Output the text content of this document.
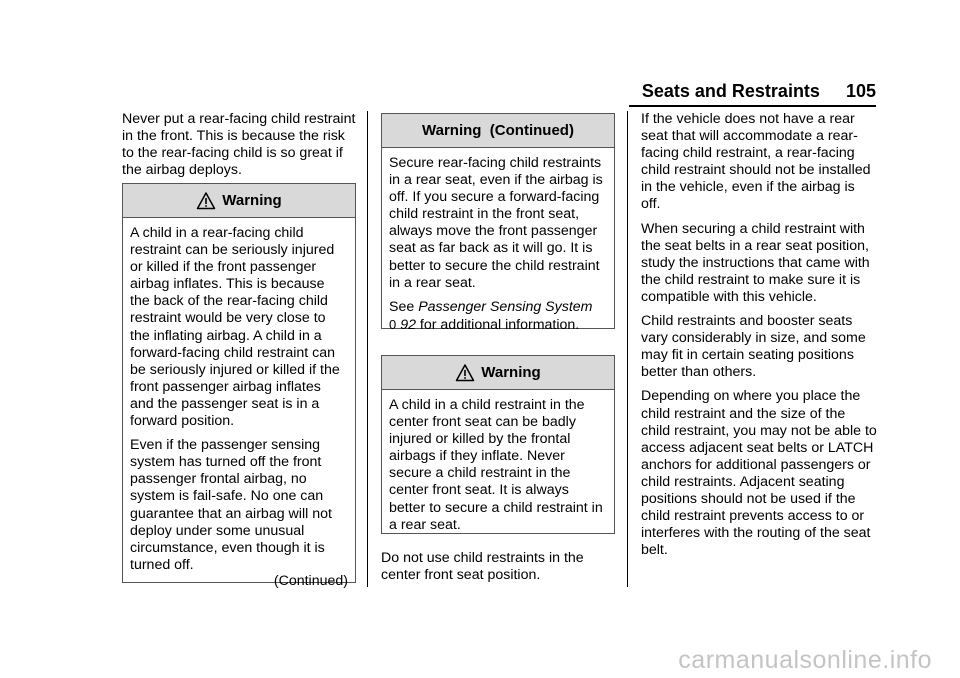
Seats and Restraints 105

Never put a rear-facing child restraint in the front. This is because the risk to the rear-facing child is so great if the airbag deploys.

Warning

A child in a rear-facing child restraint can be seriously injured or killed if the front passenger airbag inflates. This is because the back of the rear-facing child restraint would be very close to the inflating airbag. A child in a forward-facing child restraint can be seriously injured or killed if the front passenger airbag inflates and the passenger seat is in a forward position.

Even if the passenger sensing system has turned off the front passenger frontal airbag, no system is fail-safe. No one can guarantee that an airbag will not deploy under some unusual circumstance, even though it is turned off.

(Continued)
Warning  (Continued)

Secure rear-facing child restraints in a rear seat, even if the airbag is off. If you secure a forward-facing child restraint in the front seat, always move the front passenger seat as far back as it will go. It is better to secure the child restraint in a rear seat.

See Passenger Sensing System
0 92 for additional information.

Warning

A child in a child restraint in the center front seat can be badly injured or killed by the frontal airbags if they inflate. Never secure a child restraint in the center front seat. It is always better to secure a child restraint in a rear seat.

Do not use child restraints in the center front seat position.

If the vehicle does not have a rear seat that will accommodate a rear-facing child restraint, a rear-facing child restraint should not be installed in the vehicle, even if the airbag is off.

When securing a child restraint with the seat belts in a rear seat position, study the instructions that came with the child restraint to make sure it is compatible with this vehicle.

Child restraints and booster seats vary considerably in size, and some may fit in certain seating positions better than others.

Depending on where you place the child restraint and the size of the child restraint, you may not be able to access adjacent seat belts or LATCH anchors for additional passengers or child restraints. Adjacent seating positions should not be used if the child restraint prevents access to or interferes with the routing of the seat belt.

carmanualsonline.info
